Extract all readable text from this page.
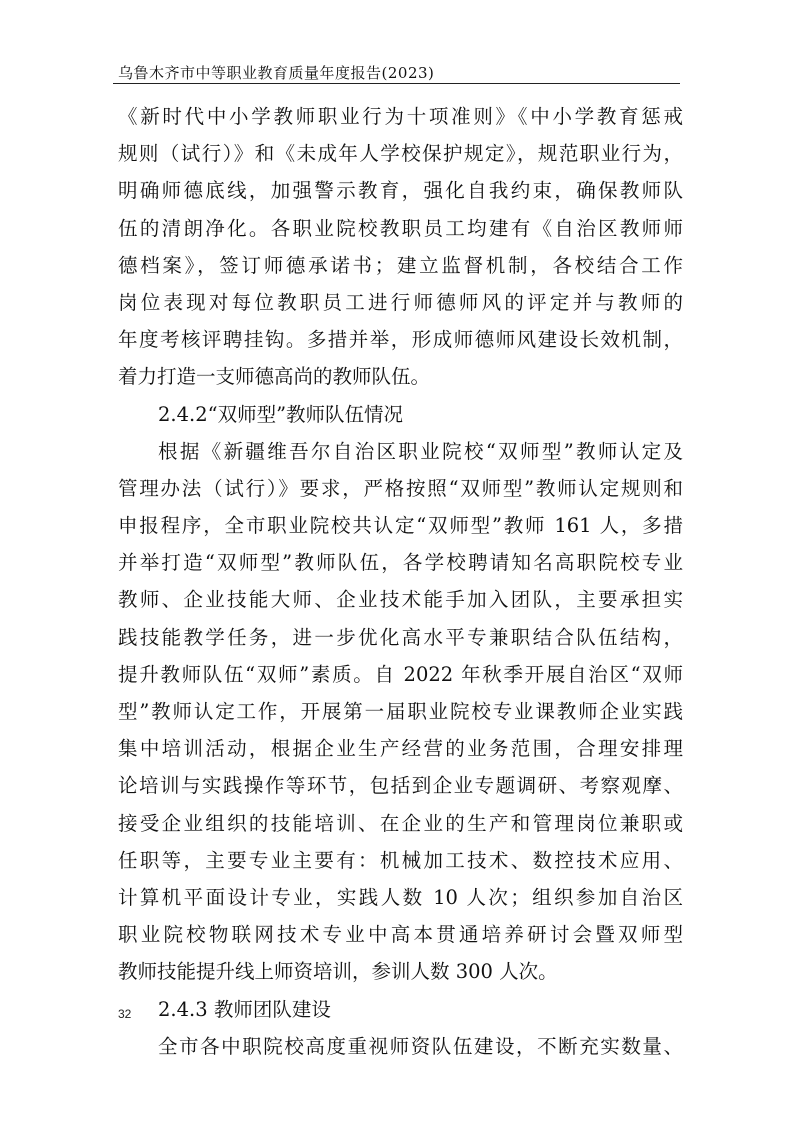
乌鲁木齐市中等职业教育质量年度报告(2023)
《新时代中小学教师职业行为十项准则》《中小学教育惩戒
规则（试行）》和《未成年人学校保护规定》，规范职业行为，
明确师德底线，加强警示教育，强化自我约束，确保教师队
伍的清朗净化。各职业院校教职员工均建有《自治区教师师
德档案》，签订师德承诺书；建立监督机制，各校结合工作
岗位表现对每位教职员工进行师德师风的评定并与教师的
年度考核评聘挂钩。多措并举，形成师德师风建设长效机制，
着力打造一支师德高尚的教师队伍。
2.4.2“双师型”教师队伍情况
根据《新疆维吾尔自治区职业院校“双师型”教师认定及
管理办法（试行）》要求，严格按照“双师型”教师认定规则和
申报程序，全市职业院校共认定“双师型”教师 161 人，多措
并举打造“双师型”教师队伍，各学校聘请知名高职院校专业
教师、企业技能大师、企业技术能手加入团队，主要承担实
践技能教学任务，进一步优化高水平专兼职结合队伍结构，
提升教师队伍“双师”素质。自 2022 年秋季开展自治区“双师
型”教师认定工作，开展第一届职业院校专业课教师企业实践
集中培训活动，根据企业生产经营的业务范围，合理安排理
论培训与实践操作等环节，包括到企业专题调研、考察观摩、
接受企业组织的技能培训、在企业的生产和管理岗位兼职或
任职等，主要专业主要有：机械加工技术、数控技术应用、
计算机平面设计专业，实践人数 10 人次；组织参加自治区
职业院校物联网技术专业中高本贯通培养研讨会暨双师型
教师技能提升线上师资培训，参训人数 300 人次。
2.4.3 教师团队建设
全市各中职院校高度重视师资队伍建设，不断充实数量、
32
